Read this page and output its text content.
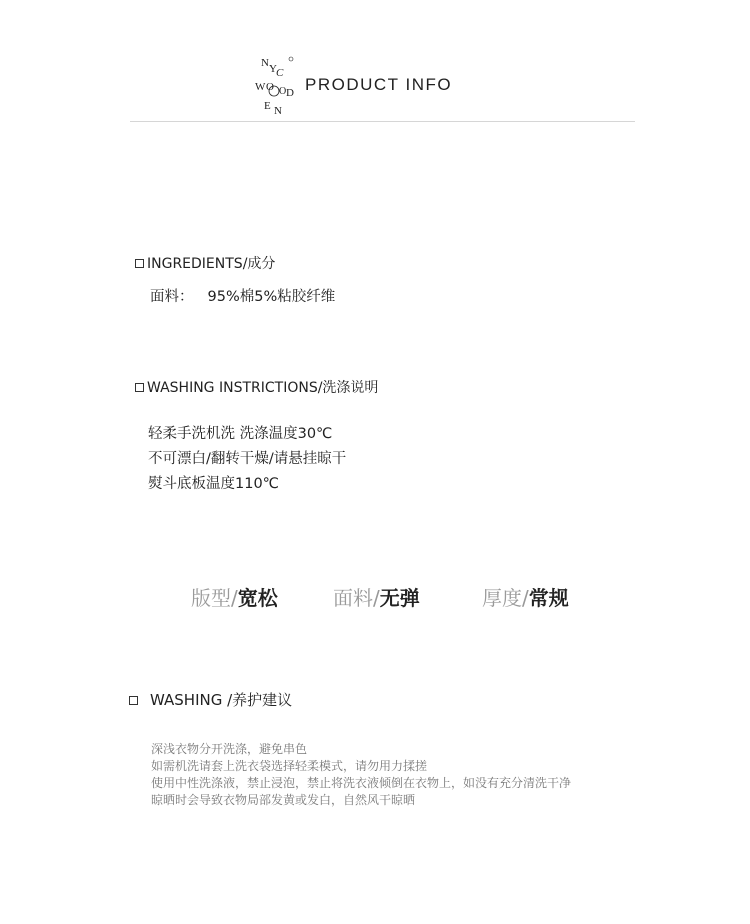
N Y C
W O O D
E N
PRODUCT INFO
INGREDIENTS/成分
面料： 95%棉5%粘胶纤维
WASHING INSTRICTIONS/洗涤说明
轻柔手洗机洗 洗涤温度30℃
不可漂白/翻转干燥/请悬挂晾干
熨斗底板温度110℃
版型/宽松	面料/无弹	厚度/常规
WASHING /养护建议
深浅衣物分开洗涤，避免串色
如需机洗请套上洗衣袋选择轻柔模式，请勿用力揉搓
使用中性洗涤液，禁止浸泡，禁止将洗衣液倾倒在衣物上，如没有充分清洗干净
晾晒时会导致衣物局部发黄或发白，自然风干晾晒
